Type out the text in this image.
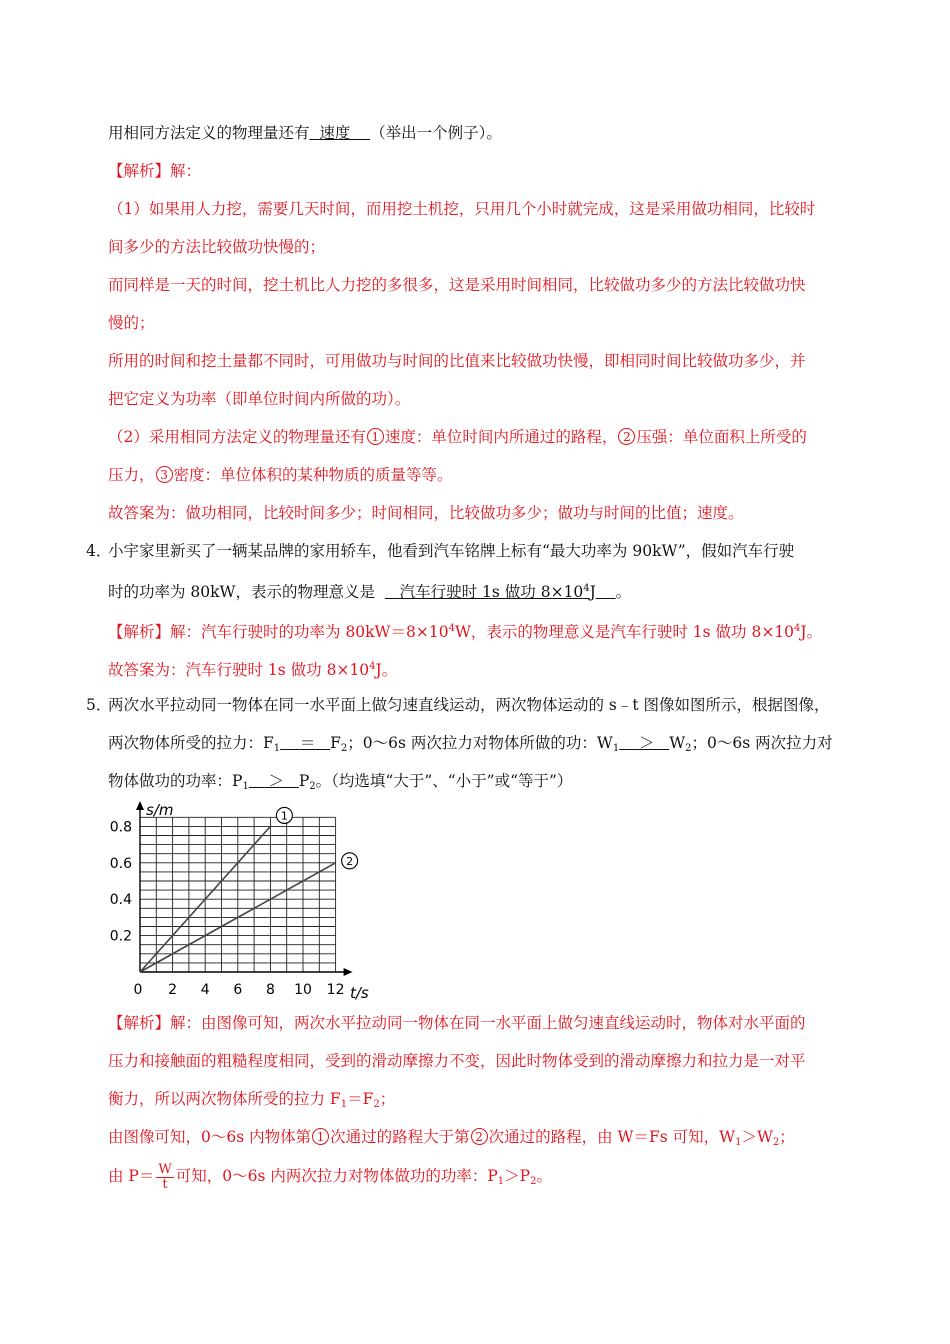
用相同方法定义的物理量还有 速度 （举出一个例子）。
【解析】解：
（1）如果用人力挖，需要几天时间，而用挖土机挖，只用几个小时就完成，这是采用做功相同，比较时
间多少的方法比较做功快慢的；
而同样是一天的时间，挖土机比人力挖的多很多，这是采用时间相同，比较做功多少的方法比较做功快
慢的；
所用的时间和挖土量都不同时，可用做功与时间的比值来比较做功快慢，即相同时间比较做功多少，并
把它定义为功率（即单位时间内所做的功）。
（2）采用相同方法定义的物理量还有 1 速度：单位时间内所通过的路程， 2 压强：单位面积上所受的
压力， 3 密度：单位体积的某种物质的质量等等。
故答案为：做功相同，比较时间多少；时间相同，比较做功多少；做功与时间的比值；速度。
4．
小宇家里新买了一辆某品牌的家用轿车，他看到汽车铭牌上标有“最大功率为 90kW”，假如汽车行驶
时的功率为 80kW，表示的物理意义是 汽车行驶时 1s 做功 $8\times 10^4J$ 。
【解析】解：汽车行驶时的功率为 $80kW=8\times 10^4W$，表示的物理意义是汽车行驶时 1s 做功 $8\times 10^4J$。
故答案为：汽车行驶时 1s 做功 $8\times 10^4J$。
5．
两次水平拉动同一物体在同一水平面上做匀速直线运动，两次物体运动的 s﹣t 图像如图所示，根据图像，
两次物体所受的拉力：$F_1 = F_2$；0～6s 两次拉力对物体所做的功：$W_1 > W_2$；0～6s 两次拉力对
物体做功的功率：$P_1 > P_2$。（均选填“大于”、“小于”或“等于”）
1
2
0 2 4 6 8 10 12
0.2
0.4
0.6
0.8
s/m
t/s
【解析】解：由图像可知，两次水平拉动同一物体在同一水平面上做匀速直线运动时，物体对水平面的
压力和接触面的粗糙程度相同，受到的滑动摩擦力不变，因此时物体受到的滑动摩擦力和拉力是一对平
衡力，所以两次物体所受的拉力 $F_1=F_2$；
由图像可知，0～6s 内物体第 1 次通过的路程大于第 2 次通过的路程，由 W＝Fs 可知，$W_1>W_2$；
由 $P= \frac{W}{t}$ 可知，0～6s 内两次拉力对物体做功的功率：$P_1>P_2$。
